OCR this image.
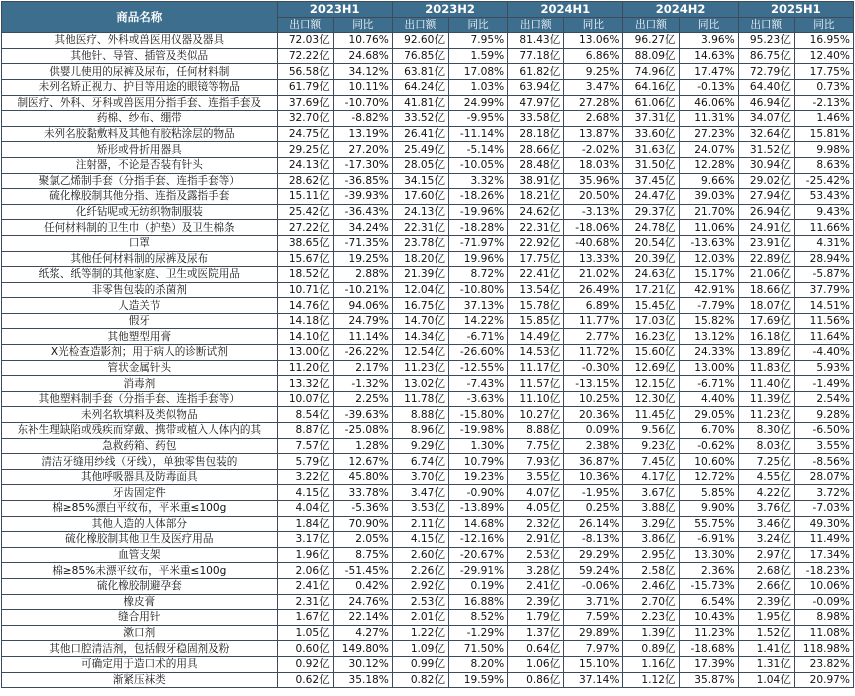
商品名称	2023H1		2023H2		2024H1		2024H2		2025H1	
	出口额	同比	出口额	同比	出口额	同比	出口额	同比	出口额	同比
其他医疗、外科或兽医用仪器及器具	72.03亿	10.76%	92.60亿	7.95%	81.43亿	13.06%	96.27亿	3.96%	95.23亿	16.95%
其他针、导管、插管及类似品	72.22亿	24.68%	76.85亿	1.59%	77.18亿	6.86%	88.09亿	14.63%	86.75亿	12.40%
供婴儿使用的尿裤及尿布，任何材料制	56.58亿	34.12%	63.81亿	17.08%	61.82亿	9.25%	74.96亿	17.47%	72.79亿	17.75%
未列名矫正视力、护目等用途的眼镜等物品	61.79亿	10.11%	64.24亿	1.03%	63.94亿	3.47%	64.16亿	-0.13%	64.40亿	0.73%
制医疗、外科、牙科或兽医用分指手套、连指手套及	37.69亿	-10.70%	41.81亿	24.99%	47.97亿	27.28%	61.06亿	46.06%	46.94亿	-2.13%
药棉、纱布、绷带	32.70亿	-8.82%	33.52亿	-9.95%	33.58亿	2.68%	37.31亿	11.31%	34.07亿	1.46%
未列名胶黏敷料及其他有胶粘涂层的物品	24.75亿	13.19%	26.41亿	-11.14%	28.18亿	13.87%	33.60亿	27.23%	32.64亿	15.81%
矫形或骨折用器具	29.25亿	27.20%	25.49亿	-5.14%	28.66亿	-2.02%	31.63亿	24.07%	31.52亿	9.98%
注射器，不论是否装有针头	24.13亿	-17.30%	28.05亿	-10.05%	28.48亿	18.03%	31.50亿	12.28%	30.94亿	8.63%
聚氯乙烯制手套（分指手套、连指手套等）	28.62亿	-36.85%	34.15亿	3.32%	38.91亿	35.96%	37.45亿	9.66%	29.02亿	-25.42%
硫化橡胶制其他分指、连指及露指手套	15.11亿	-39.93%	17.60亿	-18.26%	18.21亿	20.50%	24.47亿	39.03%	27.94亿	53.43%
化纤钻呢或无纺织物制服装	25.42亿	-36.43%	24.13亿	-19.96%	24.62亿	-3.13%	29.37亿	21.70%	26.94亿	9.43%
任何材料制的卫生巾（护垫）及卫生棉条	27.22亿	34.24%	22.31亿	-18.28%	22.31亿	-18.06%	24.78亿	11.06%	24.91亿	11.66%
口罩	38.65亿	-71.35%	23.78亿	-71.97%	22.92亿	-40.68%	20.54亿	-13.63%	23.91亿	4.31%
其他任何材料制的尿裤及尿布	15.67亿	19.25%	18.20亿	19.96%	17.75亿	13.33%	20.39亿	12.03%	22.89亿	28.94%
纸浆、纸等制的其他家庭、卫生或医院用品	18.52亿	2.88%	21.39亿	8.72%	22.41亿	21.02%	24.63亿	15.17%	21.06亿	-5.87%
非零售包装的杀菌剂	10.71亿	-10.21%	12.04亿	-10.80%	13.54亿	26.49%	17.21亿	42.91%	18.66亿	37.79%
人造关节	14.76亿	94.06%	16.75亿	37.13%	15.78亿	6.89%	15.45亿	-7.79%	18.07亿	14.51%
假牙	14.18亿	24.79%	14.70亿	14.22%	15.85亿	11.77%	17.03亿	15.82%	17.69亿	11.56%
其他塑型用膏	14.10亿	11.14%	14.34亿	-6.71%	14.49亿	2.77%	16.23亿	13.12%	16.18亿	11.64%
X光检查造影剂；用于病人的诊断试剂	13.00亿	-26.22%	12.54亿	-26.60%	14.53亿	11.72%	15.60亿	24.33%	13.89亿	-4.40%
管状金属针头	11.20亿	2.17%	11.23亿	-12.55%	11.17亿	-0.30%	12.69亿	13.00%	11.83亿	5.93%
消毒剂	13.32亿	-1.32%	13.02亿	-7.43%	11.57亿	-13.15%	12.15亿	-6.71%	11.40亿	-1.49%
其他塑料制手套（分指手套、连指手套等）	10.07亿	2.25%	11.78亿	-3.63%	11.10亿	10.25%	12.30亿	4.40%	11.39亿	2.54%
未列名软填料及类似物品	8.54亿	-39.63%	8.88亿	-15.80%	10.27亿	20.36%	11.45亿	29.05%	11.23亿	9.28%
东补生理缺陷或残疾而穿戴、携带或植入人体内的其	8.87亿	-25.08%	8.96亿	-19.98%	8.88亿	0.09%	9.56亿	6.70%	8.30亿	-6.50%
急救药箱、药包	7.57亿	1.28%	9.29亿	1.30%	7.75亿	2.38%	9.23亿	-0.62%	8.03亿	3.55%
清洁牙缝用纱线（牙线），单独零售包装的	5.79亿	12.67%	6.74亿	10.79%	7.93亿	36.87%	7.45亿	10.60%	7.25亿	-8.56%
其他呼吸器具及防毒面具	3.22亿	45.80%	3.70亿	19.23%	3.55亿	10.36%	4.17亿	12.72%	4.55亿	28.07%
牙齿固定件	4.15亿	33.78%	3.47亿	-0.90%	4.07亿	-1.95%	3.67亿	5.85%	4.22亿	3.72%
棉≥85%漂白平纹布，平米重≤100g	4.04亿	-5.36%	3.53亿	-13.89%	4.05亿	0.25%	3.88亿	9.90%	3.76亿	-7.03%
其他人造的人体部分	1.84亿	70.90%	2.11亿	14.68%	2.32亿	26.14%	3.29亿	55.75%	3.46亿	49.30%
硫化橡胶制其他卫生及医疗用品	3.17亿	2.05%	4.15亿	-12.16%	2.91亿	-8.13%	3.86亿	-6.91%	3.24亿	11.49%
血管支架	1.96亿	8.75%	2.60亿	-20.67%	2.53亿	29.29%	2.95亿	13.30%	2.97亿	17.34%
棉≥85%未漂平纹布，平米重≤100g	2.06亿	-51.45%	2.26亿	-29.91%	3.28亿	59.24%	2.58亿	2.36%	2.68亿	-18.23%
硫化橡胶制避孕套	2.41亿	0.42%	2.92亿	0.19%	2.41亿	-0.06%	2.46亿	-15.73%	2.66亿	10.06%
橡皮膏	2.31亿	24.76%	2.53亿	16.88%	2.39亿	3.71%	2.70亿	6.54%	2.39亿	-0.09%
缝合用针	1.67亿	22.14%	2.01亿	8.52%	1.79亿	7.59%	2.23亿	10.43%	1.95亿	8.98%
漱口剂	1.05亿	4.27%	1.22亿	-1.29%	1.37亿	29.89%	1.39亿	11.23%	1.52亿	11.08%
其他口腔清洁剂，包括假牙稳固剂及粉	0.60亿	149.80%	1.09亿	71.50%	0.64亿	7.97%	0.89亿	-18.68%	1.41亿	118.98%
可确定用于造口术的用具	0.92亿	30.12%	0.99亿	8.20%	1.06亿	15.10%	1.16亿	17.39%	1.31亿	23.82%
渐紧压袜类	0.62亿	35.18%	0.82亿	19.59%	0.86亿	37.14%	1.12亿	35.87%	1.04亿	20.97%
